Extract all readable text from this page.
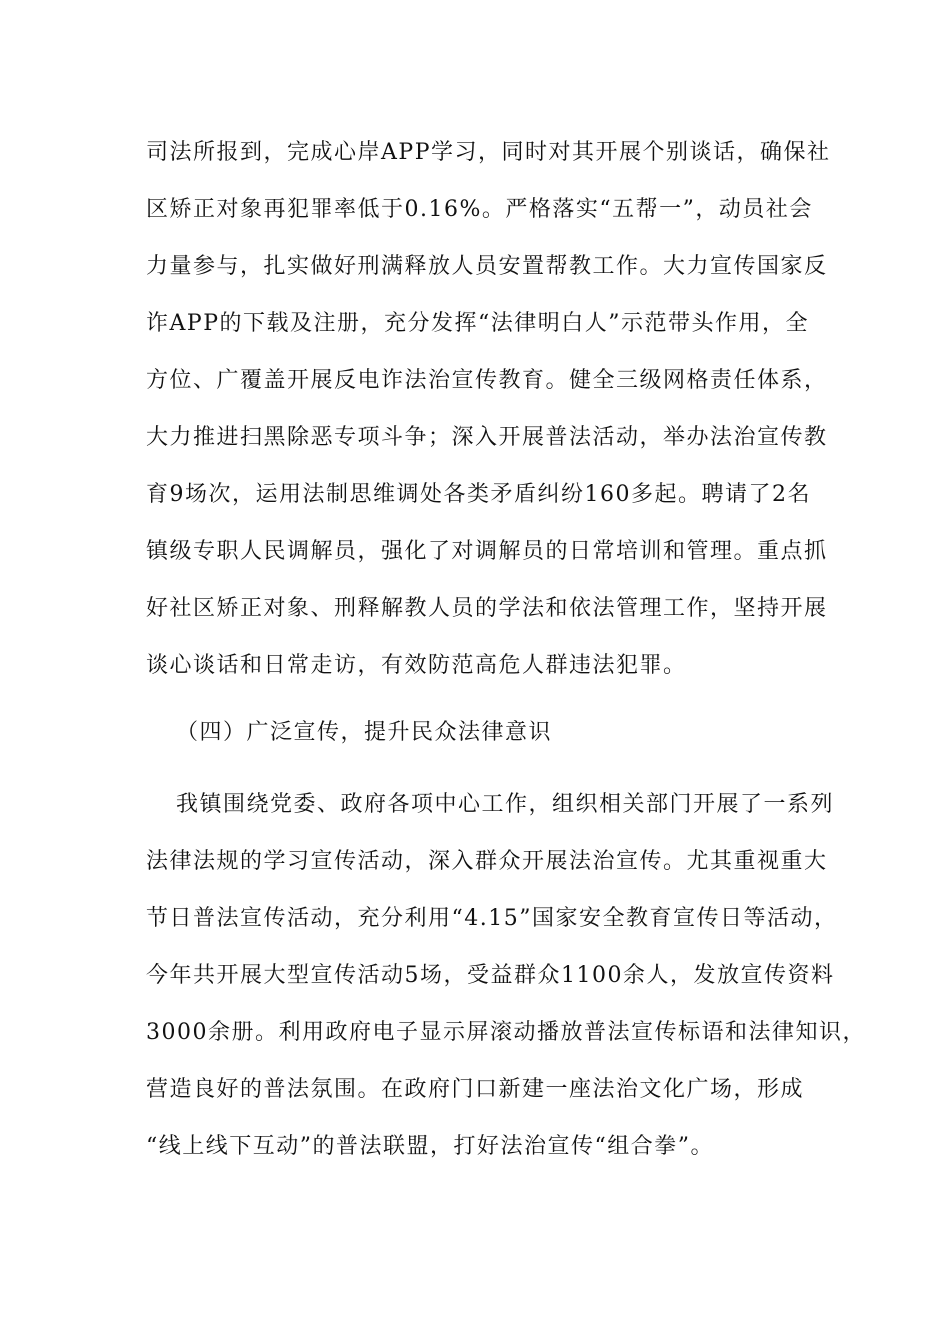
司法所报到，完成心岸APP学习，同时对其开展个别谈话，确保社
区矫正对象再犯罪率低于0.16%。严格落实“五帮一”，动员社会
力量参与，扎实做好刑满释放人员安置帮教工作。大力宣传国家反
诈APP的下载及注册，充分发挥“法律明白人”示范带头作用，全
方位、广覆盖开展反电诈法治宣传教育。健全三级网格责任体系，
大力推进扫黑除恶专项斗争；深入开展普法活动，举办法治宣传教
育9场次，运用法制思维调处各类矛盾纠纷160多起。聘请了2名
镇级专职人民调解员，强化了对调解员的日常培训和管理。重点抓
好社区矫正对象、刑释解教人员的学法和依法管理工作，坚持开展
谈心谈话和日常走访，有效防范高危人群违法犯罪。
（四）广泛宣传，提升民众法律意识
我镇围绕党委、政府各项中心工作，组织相关部门开展了一系列
法律法规的学习宣传活动，深入群众开展法治宣传。尤其重视重大
节日普法宣传活动，充分利用“4.15”国家安全教育宣传日等活动，
今年共开展大型宣传活动5场，受益群众1100余人，发放宣传资料
3000余册。利用政府电子显示屏滚动播放普法宣传标语和法律知识，
营造良好的普法氛围。在政府门口新建一座法治文化广场，形成
“线上线下互动”的普法联盟，打好法治宣传“组合拳”。
